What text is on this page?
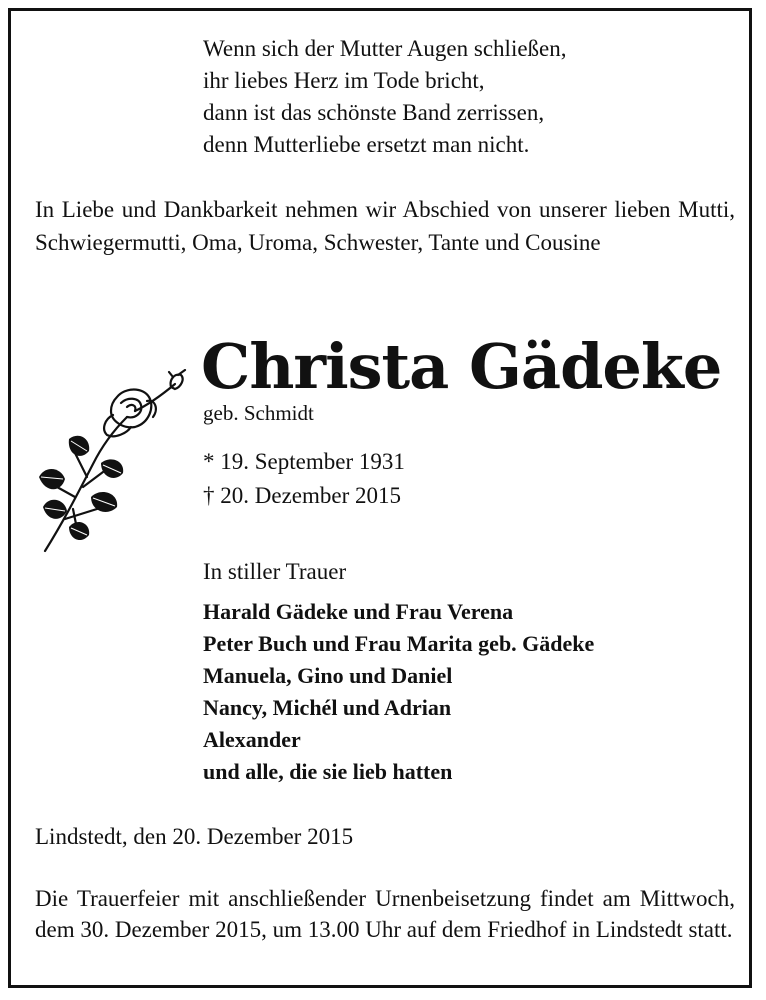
Wenn sich der Mutter Augen schließen,
ihr liebes Herz im Tode bricht,
dann ist das schönste Band zerrissen,
denn Mutterliebe ersetzt man nicht.
In Liebe und Dankbarkeit nehmen wir Abschied von unserer lieben Mutti, Schwiegermutti, Oma, Uroma, Schwester, Tante und Cousine
Christa Gädeke
geb. Schmidt
* 19. September 1931
† 20. Dezember 2015
In stiller Trauer
Harald Gädeke und Frau Verena
Peter Buch und Frau Marita geb. Gädeke
Manuela, Gino und Daniel
Nancy, Michél und Adrian
Alexander
und alle, die sie lieb hatten
Lindstedt, den 20. Dezember 2015
Die Trauerfeier mit anschließender Urnenbeisetzung findet am Mittwoch, dem 30. Dezember 2015, um 13.00 Uhr auf dem Friedhof in Lindstedt statt.
